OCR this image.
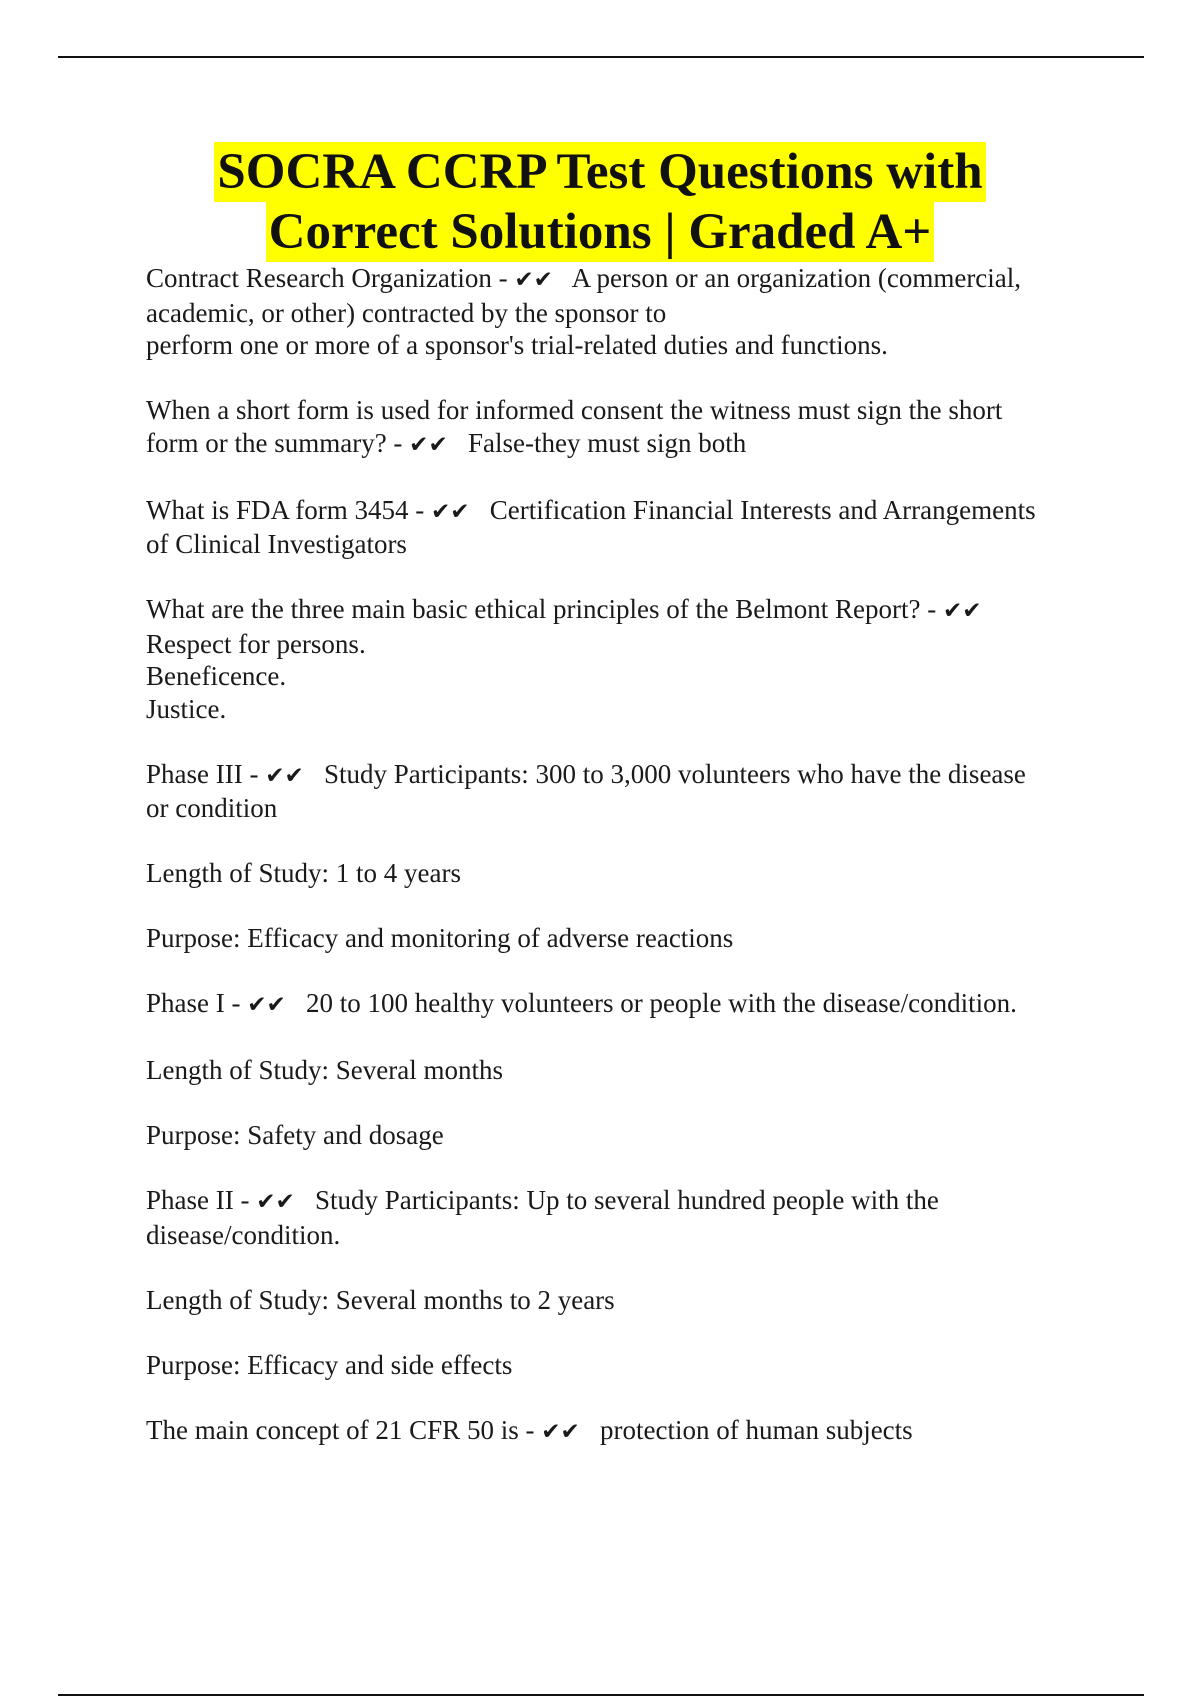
SOCRA CCRP Test Questions with
Correct Solutions | Graded A+
Contract Research Organization - ✔✔   A person or an organization (commercial,
academic, or other) contracted by the sponsor to
perform one or more of a sponsor's trial-related duties and functions.
When a short form is used for informed consent the witness must sign the short
form or the summary? - ✔✔   False-they must sign both
What is FDA form 3454 - ✔✔   Certification Financial Interests and Arrangements
of Clinical Investigators
What are the three main basic ethical principles of the Belmont Report? - ✔✔
Respect for persons.
Beneficence.
Justice.
Phase III - ✔✔   Study Participants: 300 to 3,000 volunteers who have the disease
or condition
Length of Study: 1 to 4 years
Purpose: Efficacy and monitoring of adverse reactions
Phase I - ✔✔   20 to 100 healthy volunteers or people with the disease/condition.
Length of Study: Several months
Purpose: Safety and dosage
Phase II - ✔✔   Study Participants: Up to several hundred people with the
disease/condition.
Length of Study: Several months to 2 years
Purpose: Efficacy and side effects
The main concept of 21 CFR 50 is - ✔✔   protection of human subjects
